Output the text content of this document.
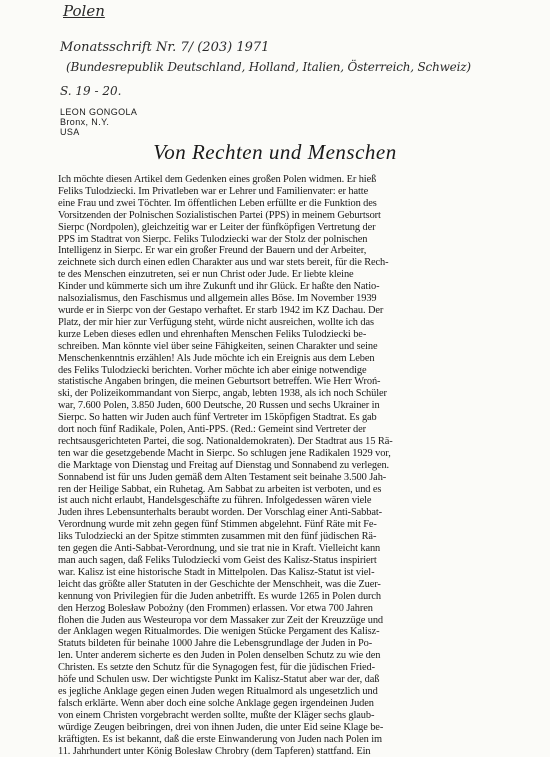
Polen
Monatsschrift Nr. 7/ (203) 1971
(Bundesrepublik Deutschland, Holland, Italien, Österreich, Schweiz)
S. 19 - 20.
LEON GONGOLA
Bronx, N.Y.
USA
Von Rechten und Menschen
Ich möchte diesen Artikel dem Gedenken eines großen Polen widmen. Er hieß
Feliks Tulodziecki. Im Privatleben war er Lehrer und Familienvater: er hatte
eine Frau und zwei Töchter. Im öffentlichen Leben erfüllte er die Funktion des
Vorsitzenden der Polnischen Sozialistischen Partei (PPS) in meinem Geburtsort
Sierpc (Nordpolen), gleichzeitig war er Leiter der fünfköpfigen Vertretung der
PPS im Stadtrat von Sierpc. Feliks Tulodziecki war der Stolz der polnischen
Intelligenz in Sierpc. Er war ein großer Freund der Bauern und der Arbeiter,
zeichnete sich durch einen edlen Charakter aus und war stets bereit, für die Rech-
te des Menschen einzutreten, sei er nun Christ oder Jude. Er liebte kleine
Kinder und kümmerte sich um ihre Zukunft und ihr Glück. Er haßte den Natio-
nalsozialismus, den Faschismus und allgemein alles Böse. Im November 1939
wurde er in Sierpc von der Gestapo verhaftet. Er starb 1942 im KZ Dachau. Der
Platz, der mir hier zur Verfügung steht, würde nicht ausreichen, wollte ich das
kurze Leben dieses edlen und ehrenhaften Menschen Feliks Tulodziecki be-
schreiben. Man könnte viel über seine Fähigkeiten, seinen Charakter und seine
Menschenkenntnis erzählen! Als Jude möchte ich ein Ereignis aus dem Leben
des Feliks Tulodziecki berichten. Vorher möchte ich aber einige notwendige
statistische Angaben bringen, die meinen Geburtsort betreffen. Wie Herr Wroń-
ski, der Polizeikommandant von Sierpc, angab, lebten 1938, als ich noch Schüler
war, 7.600 Polen, 3.850 Juden, 600 Deutsche, 20 Russen und sechs Ukrainer in
Sierpc. So hatten wir Juden auch fünf Vertreter im 15köpfigen Stadtrat. Es gab
dort noch fünf Radikale, Polen, Anti-PPS. (Red.: Gemeint sind Vertreter der
rechtsausgerichteten Partei, die sog. Nationaldemokraten). Der Stadtrat aus 15 Rä-
ten war die gesetzgebende Macht in Sierpc. So schlugen jene Radikalen 1929 vor,
die Marktage von Dienstag und Freitag auf Dienstag und Sonnabend zu verlegen.
Sonnabend ist für uns Juden gemäß dem Alten Testament seit beinahe 3.500 Jah-
ren der Heilige Sabbat, ein Ruhetag. Am Sabbat zu arbeiten ist verboten, und es
ist auch nicht erlaubt, Handelsgeschäfte zu führen. Infolgedessen wären viele
Juden ihres Lebensunterhalts beraubt worden. Der Vorschlag einer Anti-Sabbat-
Verordnung wurde mit zehn gegen fünf Stimmen abgelehnt. Fünf Räte mit Fe-
liks Tulodziecki an der Spitze stimmten zusammen mit den fünf jüdischen Rä-
ten gegen die Anti-Sabbat-Verordnung, und sie trat nie in Kraft. Vielleicht kann
man auch sagen, daß Feliks Tulodziecki vom Geist des Kalisz-Status inspiriert
war. Kalisz ist eine historische Stadt in Mittelpolen. Das Kalisz-Statut ist viel-
leicht das größte aller Statuten in der Geschichte der Menschheit, was die Zuer-
kennung von Privilegien für die Juden anbetrifft. Es wurde 1265 in Polen durch
den Herzog Bolesław Pobożny (den Frommen) erlassen. Vor etwa 700 Jahren
flohen die Juden aus Westeuropa vor dem Massaker zur Zeit der Kreuzzüge und
der Anklagen wegen Ritualmordes. Die wenigen Stücke Pergament des Kalisz-
Statuts bildeten für beinahe 1000 Jahre die Lebensgrundlage der Juden in Po-
len. Unter anderem sicherte es den Juden in Polen denselben Schutz zu wie den
Christen. Es setzte den Schutz für die Synagogen fest, für die jüdischen Fried-
höfe und Schulen usw. Der wichtigste Punkt im Kalisz-Statut aber war der, daß
es jegliche Anklage gegen einen Juden wegen Ritualmord als ungesetzlich und
falsch erklärte. Wenn aber doch eine solche Anklage gegen irgendeinen Juden
von einem Christen vorgebracht werden sollte, mußte der Kläger sechs glaub-
würdige Zeugen beibringen, drei von ihnen Juden, die unter Eid seine Klage be-
kräftigten. Es ist bekannt, daß die erste Einwanderung von Juden nach Polen im
11. Jahrhundert unter König Bolesław Chrobry (dem Tapferen) stattfand. Ein
